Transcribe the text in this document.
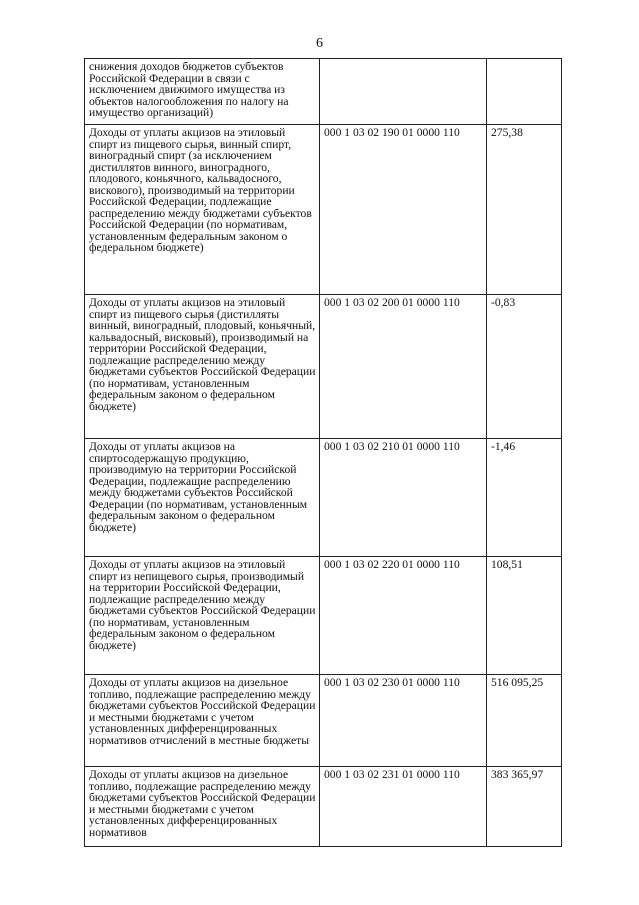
6
снижения доходов бюджетов субъектов Российской Федерации в связи с исключением движимого имущества из объектов налогообложения по налогу на имущество организаций)		
Доходы от уплаты акцизов на этиловый спирт из пищевого сырья, винный спирт, виноградный спирт (за исключением дистиллятов винного, виноградного, плодового, коньячного, кальвадосного, вискового), производимый на территории Российской Федерации, подлежащие распределению между бюджетами субъектов Российской Федерации (по нормативам, установленным федеральным законом о федеральном бюджете)	000 1 03 02 190 01 0000 110	275,38
Доходы от уплаты акцизов на этиловый спирт из пищевого сырья (дистилляты винный, виноградный, плодовый, коньячный, кальвадосный, висковый), производимый на территории Российской Федерации, подлежащие распределению между бюджетами субъектов Российской Федерации (по нормативам, установленным федеральным законом о федеральном бюджете)	000 1 03 02 200 01 0000 110	-0,83
Доходы от уплаты акцизов на спиртосодержащую продукцию, производимую на территории Российской Федерации, подлежащие распределению между бюджетами субъектов Российской Федерации (по нормативам, установленным федеральным законом о федеральном бюджете)	000 1 03 02 210 01 0000 110	-1,46
Доходы от уплаты акцизов на этиловый спирт из непищевого сырья, производимый на территории Российской Федерации, подлежащие распределению между бюджетами субъектов Российской Федерации (по нормативам, установленным федеральным законом о федеральном бюджете)	000 1 03 02 220 01 0000 110	108,51
Доходы от уплаты акцизов на дизельное топливо, подлежащие распределению между бюджетами субъектов Российской Федерации и местными бюджетами с учетом установленных дифференцированных нормативов отчислений в местные бюджеты	000 1 03 02 230 01 0000 110	516 095,25
Доходы от уплаты акцизов на дизельное топливо, подлежащие распределению между бюджетами субъектов Российской Федерации и местными бюджетами с учетом установленных дифференцированных нормативов	000 1 03 02 231 01 0000 110	383 365,97
